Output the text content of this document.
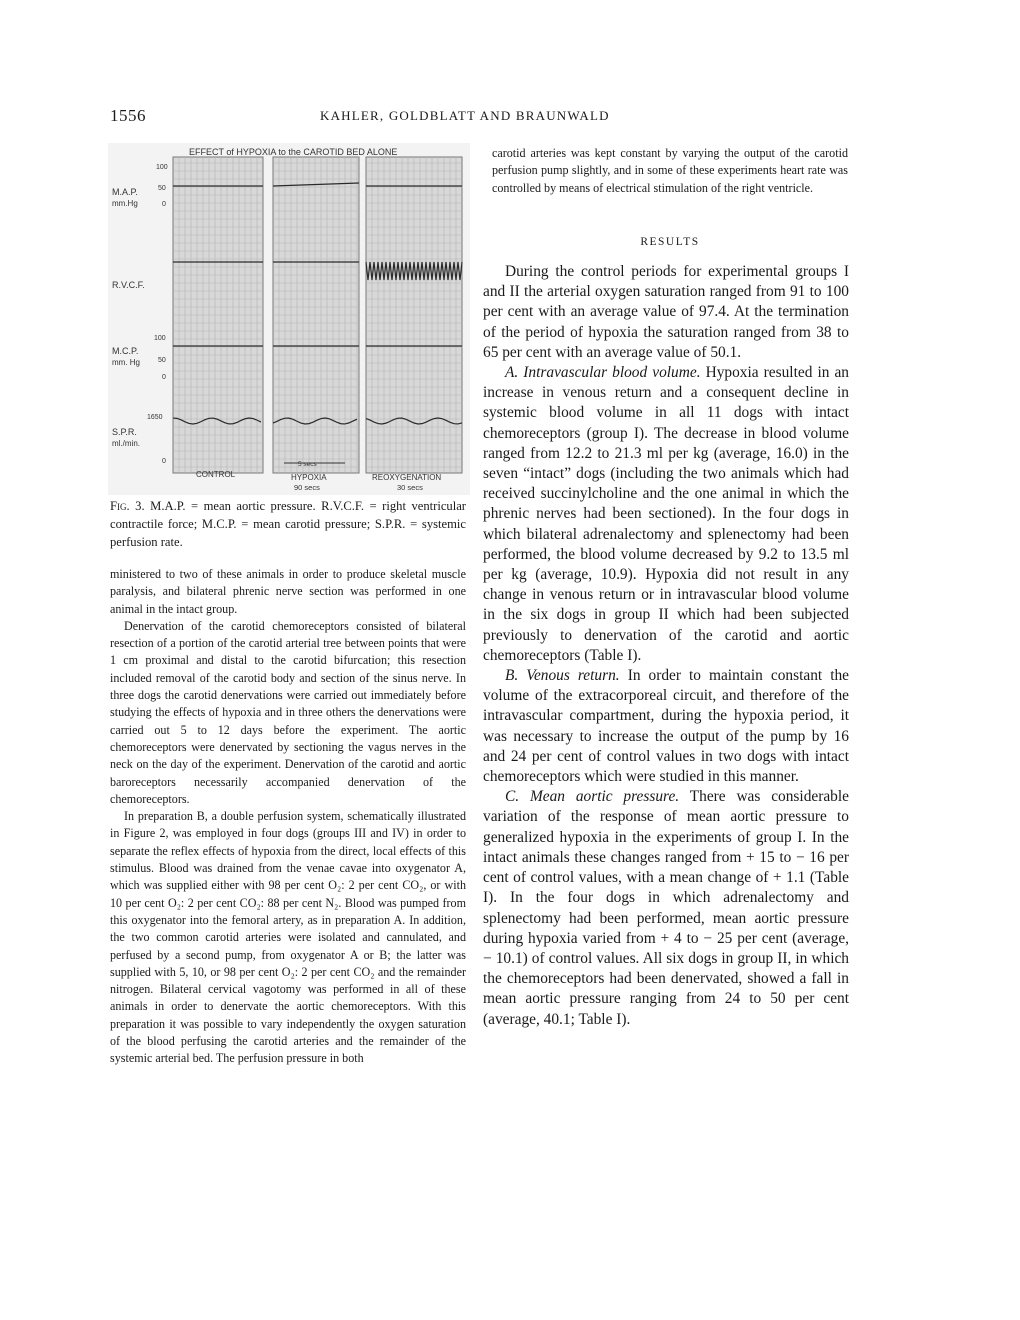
1556	KAHLER, GOLDBLATT AND BRAUNWALD
EFFECT of HYPOXIA to the CAROTID BED ALONE
M.A.P.
mm.Hg
100
50
0
R.V.C.F.
M.C.P.
mm. Hg
100
50
0
S.P.R.
ml./min.
1650
0	5 secs
CONTROL	HYPOXIA
90 secs
REOXYGENATION
30 secs
Fig. 3. M.A.P. = mean aortic pressure. R.V.C.F. = right ventricular contractile force; M.C.P. = mean carotid pressure; S.P.R. = systemic perfusion rate.

ministered to two of these animals in order to produce skeletal muscle paralysis, and bilateral phrenic nerve section was performed in one animal in the intact group.

Denervation of the carotid chemoreceptors consisted of bilateral resection of a portion of the carotid arterial tree between points that were 1 cm proximal and distal to the carotid bifurcation; this resection included removal of the carotid body and section of the sinus nerve. In three dogs the carotid denervations were carried out immediately before studying the effects of hypoxia and in three others the denervations were carried out 5 to 12 days before the experiment. The aortic chemoreceptors were denervated by sectioning the vagus nerves in the neck on the day of the experiment. Denervation of the carotid and aortic baroreceptors necessarily accompanied denervation of the chemoreceptors.

In preparation B, a double perfusion system, schematically illustrated in Figure 2, was employed in four dogs (groups III and IV) in order to separate the reflex effects of hypoxia from the direct, local effects of this stimulus. Blood was drained from the venae cavae into oxygenator A, which was supplied either with 98 per cent O₂: 2 per cent CO₂, or with 10 per cent O₂: 2 per cent CO₂: 88 per cent N₂. Blood was pumped from this oxygenator into the femoral artery, as in preparation A. In addition, the two common carotid arteries were isolated and cannulated, and perfused by a second pump, from oxygenator A or B; the latter was supplied with 5, 10, or 98 per cent O₂: 2 per cent CO₂ and the remainder nitrogen. Bilateral cervical vagotomy was performed in all of these animals in order to denervate the aortic chemoreceptors. With this preparation it was possible to vary independently the oxygen saturation of the blood perfusing the carotid arteries and the remainder of the systemic arterial bed. The perfusion pressure in both

carotid arteries was kept constant by varying the output of the carotid perfusion pump slightly, and in some of these experiments heart rate was controlled by means of electrical stimulation of the right ventricle.

RESULTS

During the control periods for experimental groups I and II the arterial oxygen saturation ranged from 91 to 100 per cent with an average value of 97.4. At the termination of the period of hypoxia the saturation ranged from 38 to 65 per cent with an average value of 50.1.

A. Intravascular blood volume. Hypoxia resulted in an increase in venous return and a consequent decline in systemic blood volume in all 11 dogs with intact chemoreceptors (group I). The decrease in blood volume ranged from 12.2 to 21.3 ml per kg (average, 16.0) in the seven “intact” dogs (including the two animals which had received succinylcholine and the one animal in which the phrenic nerves had been sectioned). In the four dogs in which bilateral adrenalectomy and splenectomy had been performed, the blood volume decreased by 9.2 to 13.5 ml per kg (average, 10.9). Hypoxia did not result in any change in venous return or in intravascular blood volume in the six dogs in group II which had been subjected previously to denervation of the carotid and aortic chemoreceptors (Table I).

B. Venous return. In order to maintain constant the volume of the extracorporeal circuit, and therefore of the intravascular compartment, during the hypoxia period, it was necessary to increase the output of the pump by 16 and 24 per cent of control values in two dogs with intact chemoreceptors which were studied in this manner.

C. Mean aortic pressure. There was considerable variation of the response of mean aortic pressure to generalized hypoxia in the experiments of group I. In the intact animals these changes ranged from + 15 to − 16 per cent of control values, with a mean change of + 1.1 (Table I). In the four dogs in which adrenalectomy and splenectomy had been performed, mean aortic pressure during hypoxia varied from + 4 to − 25 per cent (average, − 10.1) of control values. All six dogs in group II, in which the chemoreceptors had been denervated, showed a fall in mean aortic pressure ranging from 24 to 50 per cent (average, 40.1; Table I).
